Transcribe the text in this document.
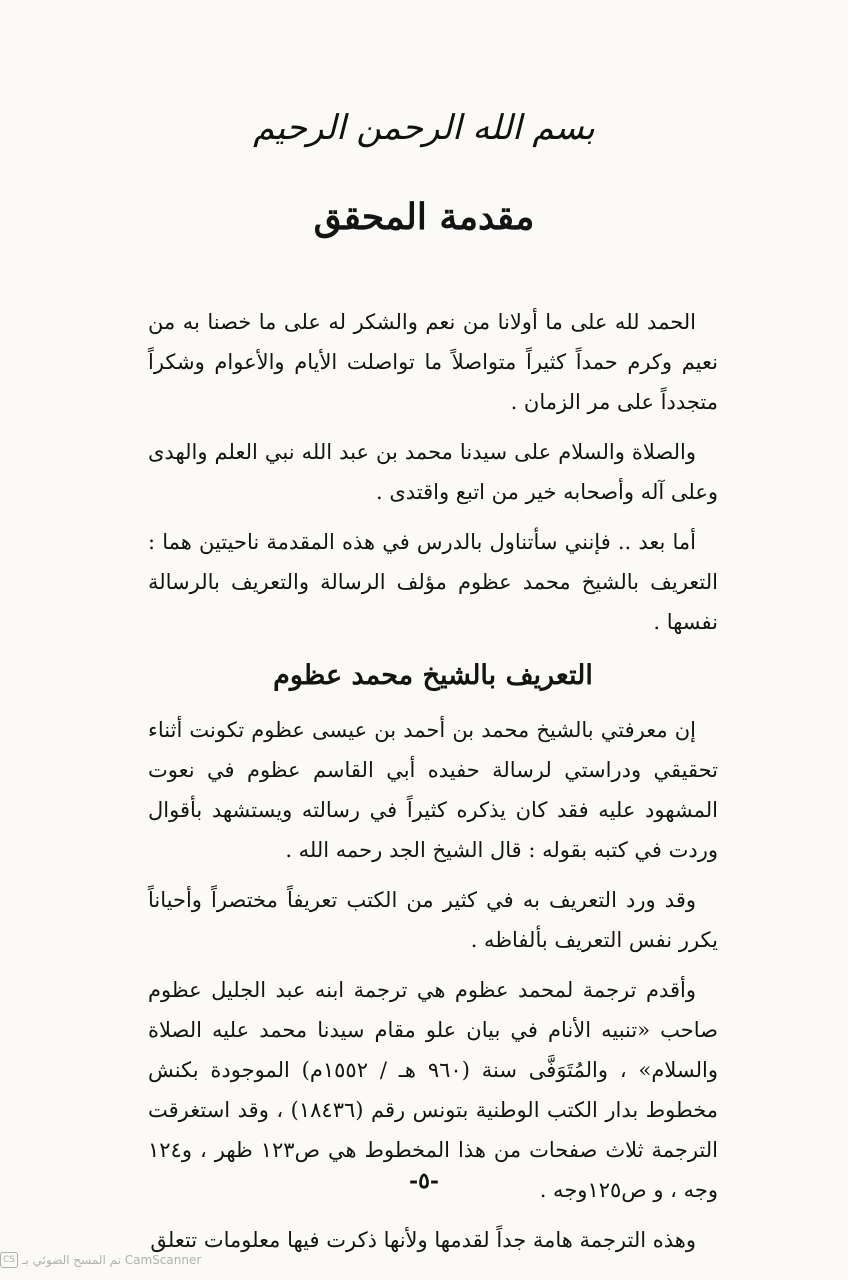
بسم الله الرحمن الرحيم
مقدمة المحقق

الحمد لله على ما أولانا من نعم والشكر له على ما خصنا به من نعيم وكرم حمداً كثيراً متواصلاً ما تواصلت الأيام والأعوام وشكراً متجدداً على مر الزمان .

والصلاة والسلام على سيدنا محمد بن عبد الله نبي العلم والهدى وعلى آله وأصحابه خير من اتبع واقتدى .

أما بعد .. فإنني سأتناول بالدرس في هذه المقدمة ناحيتين هما : التعريف بالشيخ محمد عظوم مؤلف الرسالة والتعريف بالرسالة نفسها .

التعريف بالشيخ محمد عظوم

إن معرفتي بالشيخ محمد بن أحمد بن عيسى عظوم تكونت أثناء تحقيقي ودراستي لرسالة حفيده أبي القاسم عظوم في نعوت المشهود عليه فقد كان يذكره كثيراً في رسالته ويستشهد بأقوال وردت في كتبه بقوله : قال الشيخ الجد رحمه الله .

وقد ورد التعريف به في كثير من الكتب تعريفاً مختصراً وأحياناً يكرر نفس التعريف بألفاظه .

وأقدم ترجمة لمحمد عظوم هي ترجمة ابنه عبد الجليل عظوم صاحب «تنبيه الأنام في بيان علو مقام سيدنا محمد عليه الصلاة والسلام» ، والمُتَوَفَّى سنة (٩٦٠ هـ / ١٥٥٢م) الموجودة بكنش مخطوط بدار الكتب الوطنية بتونس رقم (١٨٤٣٦) ، وقد استغرقت الترجمة ثلاث صفحات من هذا المخطوط هي ص١٢٣ ظهر ، و١٢٤ وجه ، و ص١٢٥وجه .

وهذه الترجمة هامة جداً لقدمها ولأنها ذكرت فيها معلومات تتعلق

-٥-
CS تم المسح الضوئي بـ CamScanner
